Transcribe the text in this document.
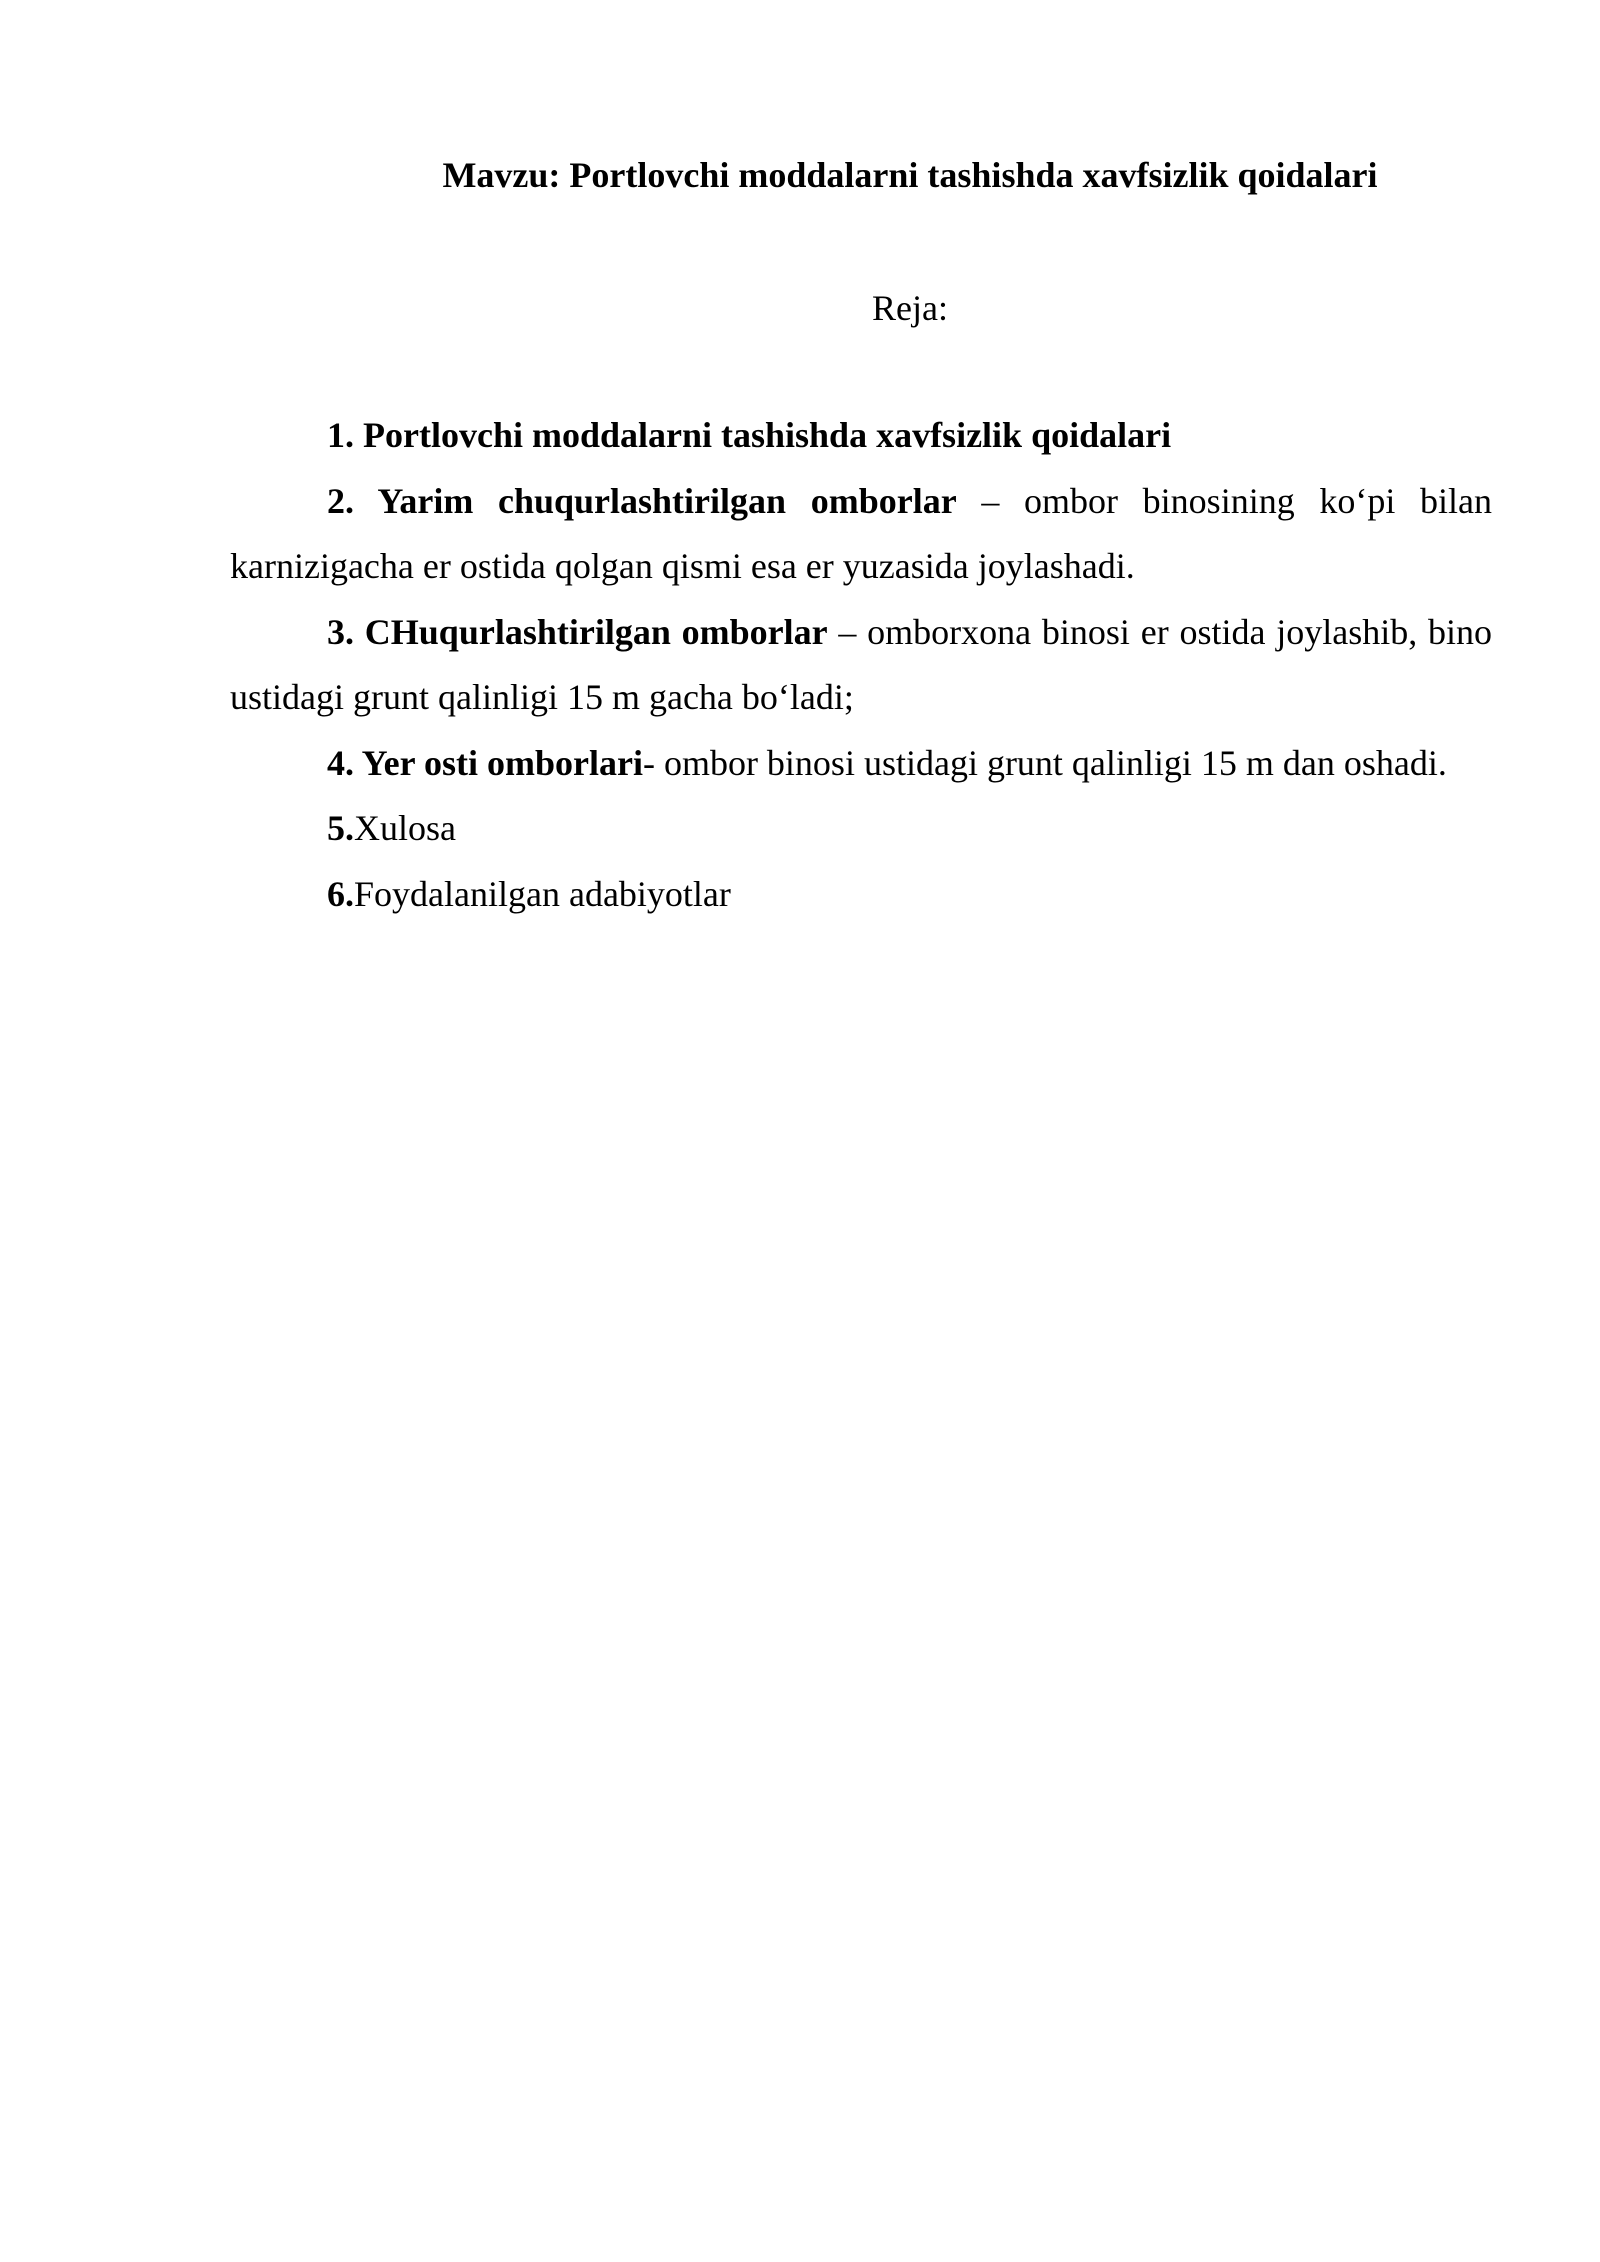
Mavzu: Portlovchi moddalarni tashishda xavfsizlik qoidalari

Reja:

1. Portlovchi moddalarni tashishda xavfsizlik qoidalari
2. Yarim chuqurlashtirilgan omborlar – ombor binosining ko‘pi bilan karnizigacha er ostida qolgan qismi esa er yuzasida joylashadi.
3. CHuqurlashtirilgan omborlar – omborxona binosi er ostida joylashib, bino ustidagi grunt qalinligi 15 m gacha bo‘ladi;
4. Yer osti omborlari- ombor binosi ustidagi grunt qalinligi 15 m dan oshadi.
5.Xulosa
6.Foydalanilgan adabiyotlar
